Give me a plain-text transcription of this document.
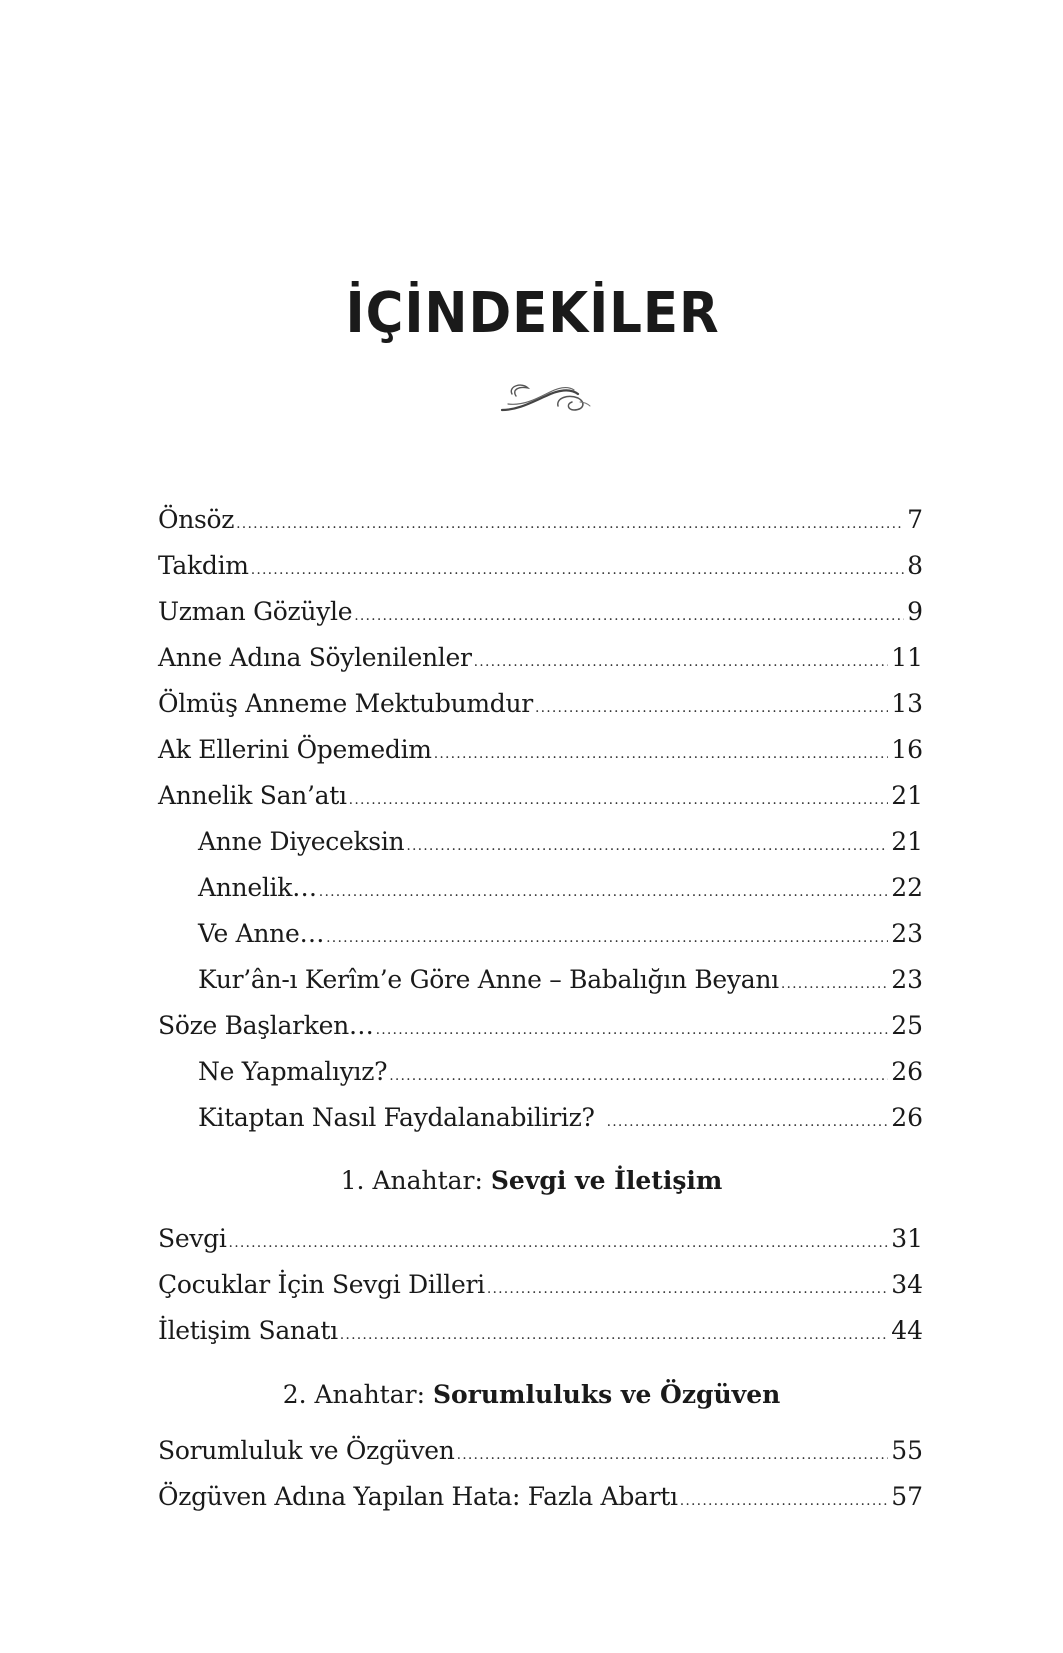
İÇİNDEKİLER
Önsöz .....	7
Takdim .....	8
Uzman Gözüyle .....	9
Anne Adına Söylenilenler .....	11
Ölmüş Anneme Mektubumdur .....	13
Ak Ellerini Öpemedim .....	16
Annelik San’atı .....	21
Anne Diyeceksin .....	21
Annelik… .....	22
Ve Anne… .....	23
Kur’ân-ı Kerîm’e Göre Anne – Babalığın Beyanı .....	23
Söze Başlarken… .....	25
Ne Yapmalıyız? .....	26
Kitaptan Nasıl Faydalanabiliriz? .....	26
1. Anahtar: Sevgi ve İletişim
Sevgi .....	31
Çocuklar İçin Sevgi Dilleri .....	34
İletişim Sanatı .....	44
2. Anahtar: Sorumluluks ve Özgüven
Sorumluluk ve Özgüven .....	55
Özgüven Adına Yapılan Hata: Fazla Abartı .....	57
